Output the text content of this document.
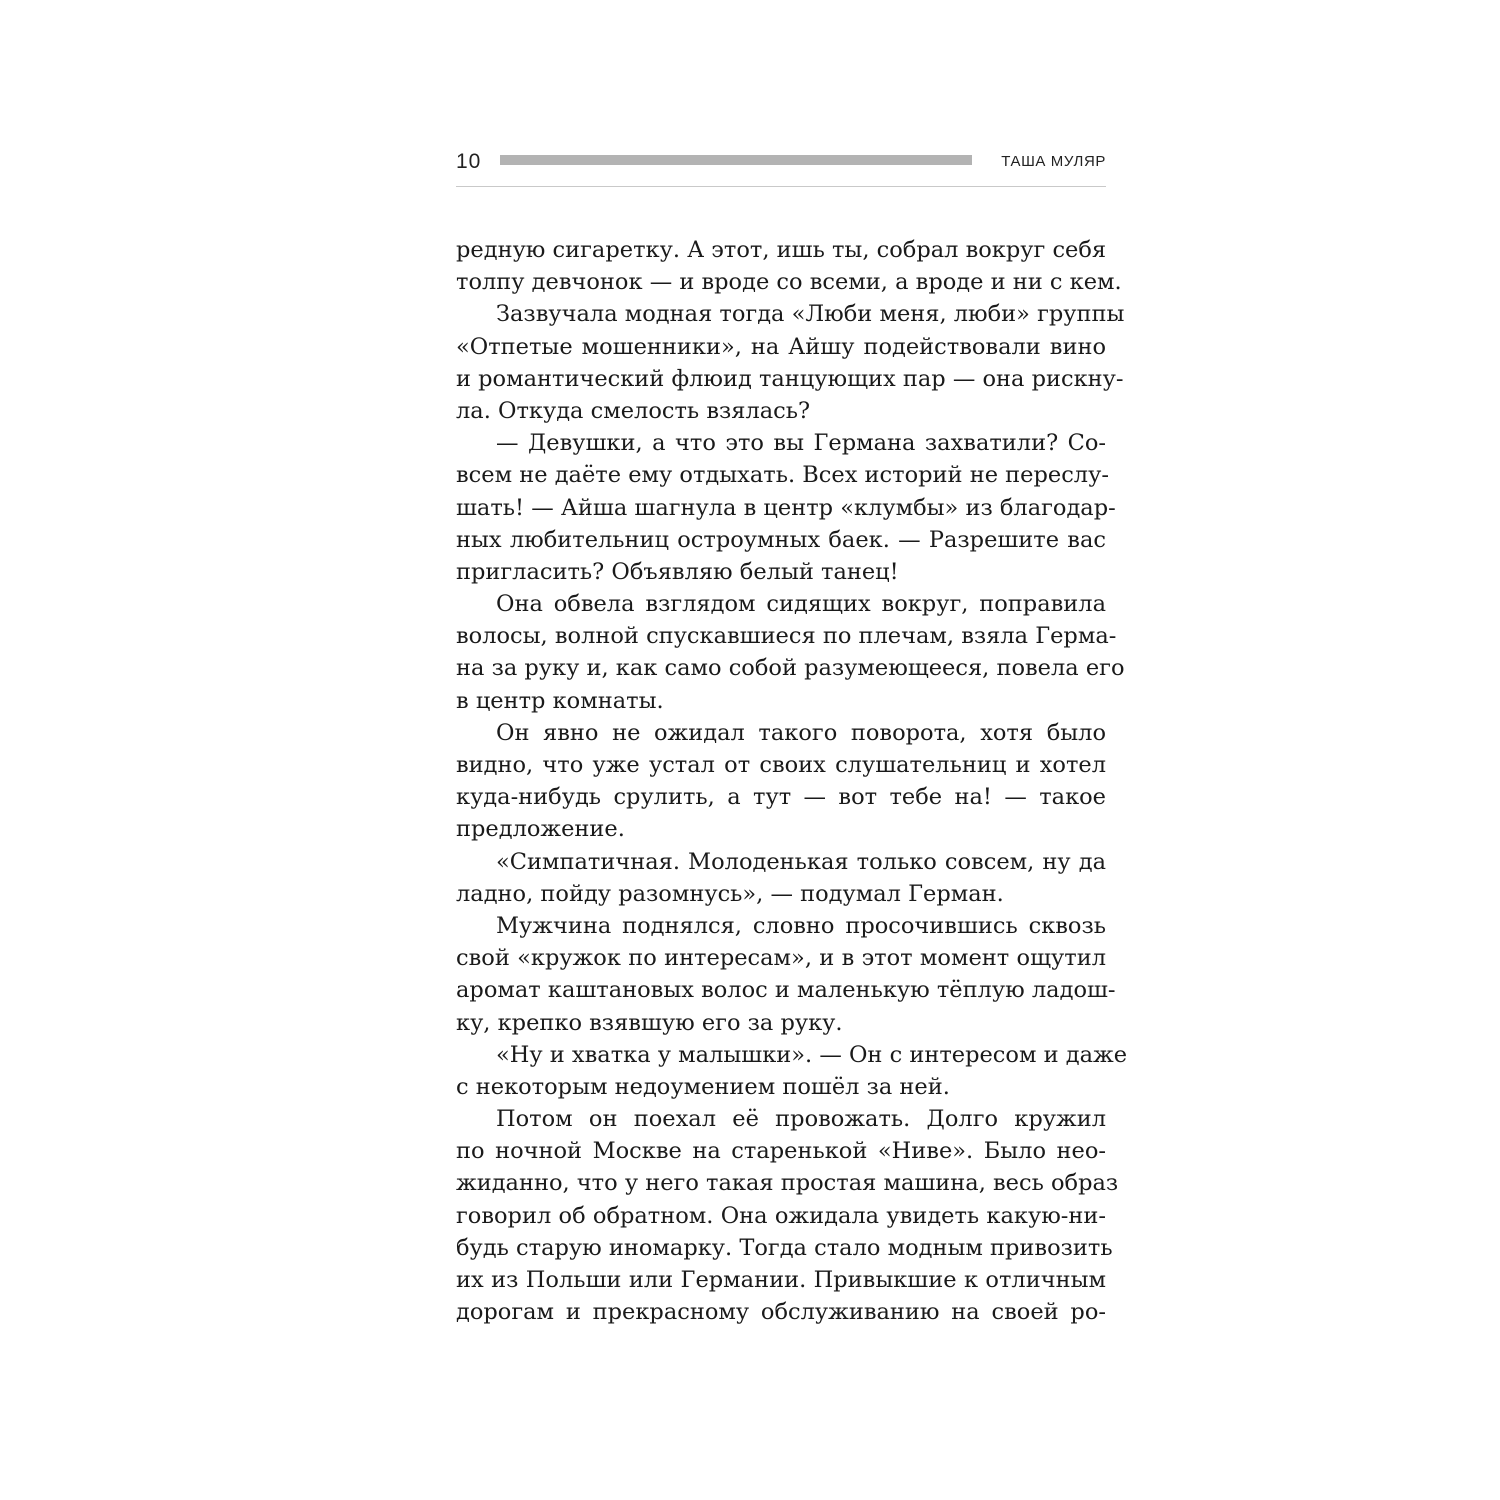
10	ТАША МУЛЯР
редную сигаретку. А этот, ишь ты, собрал вокруг себя
толпу девчонок — и вроде со всеми, а вроде и ни с кем.
Зазвучала модная тогда «Люби меня, люби» группы
«Отпетые мошенники», на Айшу подействовали вино
и романтический флюид танцующих пар — она рискну-
ла. Откуда смелость взялась?
— Девушки, а что это вы Германа захватили? Со-
всем не даёте ему отдыхать. Всех историй не переслу-
шать! — Айша шагнула в центр «клумбы» из благодар-
ных любительниц остроумных баек. — Разрешите вас
пригласить? Объявляю белый танец!
Она обвела взглядом сидящих вокруг, поправила
волосы, волной спускавшиеся по плечам, взяла Герма-
на за руку и, как само собой разумеющееся, повела его
в центр комнаты.
Он явно не ожидал такого поворота, хотя было
видно, что уже устал от своих слушательниц и хотел
куда-нибудь срулить, а тут — вот тебе на! — такое
предложение.
«Симпатичная. Молоденькая только совсем, ну да
ладно, пойду разомнусь», — подумал Герман.
Мужчина поднялся, словно просочившись сквозь
свой «кружок по интересам», и в этот момент ощутил
аромат каштановых волос и маленькую тёплую ладош-
ку, крепко взявшую его за руку.
«Ну и хватка у малышки». — Он с интересом и даже
с некоторым недоумением пошёл за ней.
Потом он поехал её провожать. Долго кружил
по ночной Москве на старенькой «Ниве». Было нео-
жиданно, что у него такая простая машина, весь образ
говорил об обратном. Она ожидала увидеть какую-ни-
будь старую иномарку. Тогда стало модным привозить
их из Польши или Германии. Привыкшие к отличным
дорогам и прекрасному обслуживанию на своей ро-
